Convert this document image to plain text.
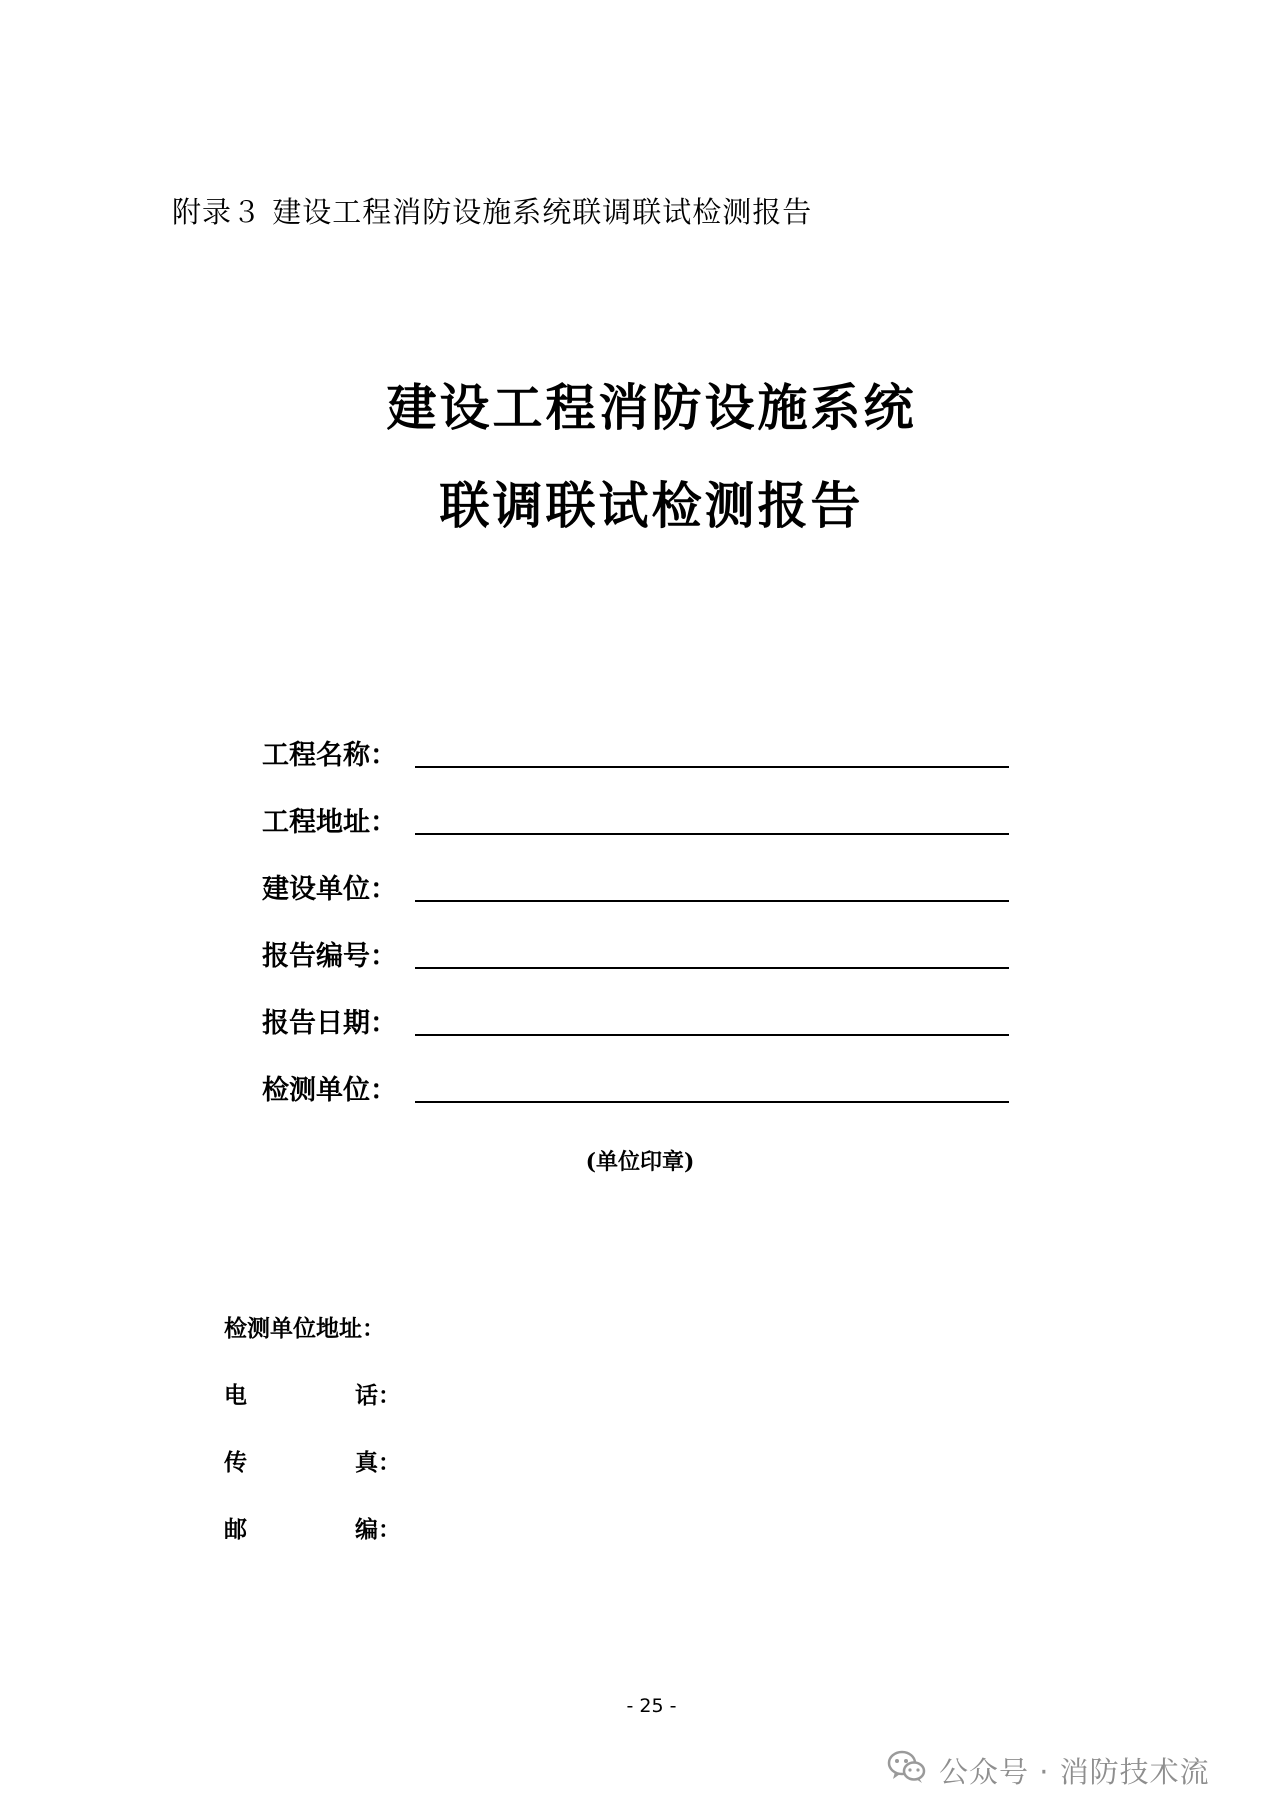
附录３ 建设工程消防设施系统联调联试检测报告
建设工程消防设施系统
联调联试检测报告
工程名称：
工程地址：
建设单位：
报告编号：
报告日期：
检测单位：
(单位印章)
检测单位地址：
电	话：
传	真：
邮	编：
- 25 -
公众号 · 消防技术流
